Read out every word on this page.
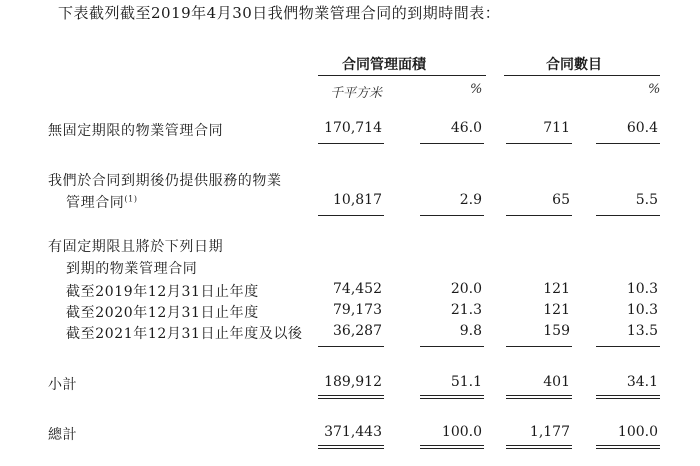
下表截列截至2019年4月30日我們物業管理合同的到期時間表：
合同管理面積	合同數目
千平方米	%	%
無固定期限的物業管理合同	170,714	46.0	711	60.4
我們於合同到期後仍提供服務的物業
管理合同$^{(1)}$	10,817	2.9	65	5.5
有固定期限且將於下列日期
到期的物業管理合同
截至2019年12月31日止年度	74,452	20.0	121	10.3
截至2020年12月31日止年度	79,173	21.3	121	10.3
截至2021年12月31日止年度及以後	36,287	9.8	159	13.5
小計	189,912	51.1	401	34.1
總計	371,443	100.0	1,177	100.0
